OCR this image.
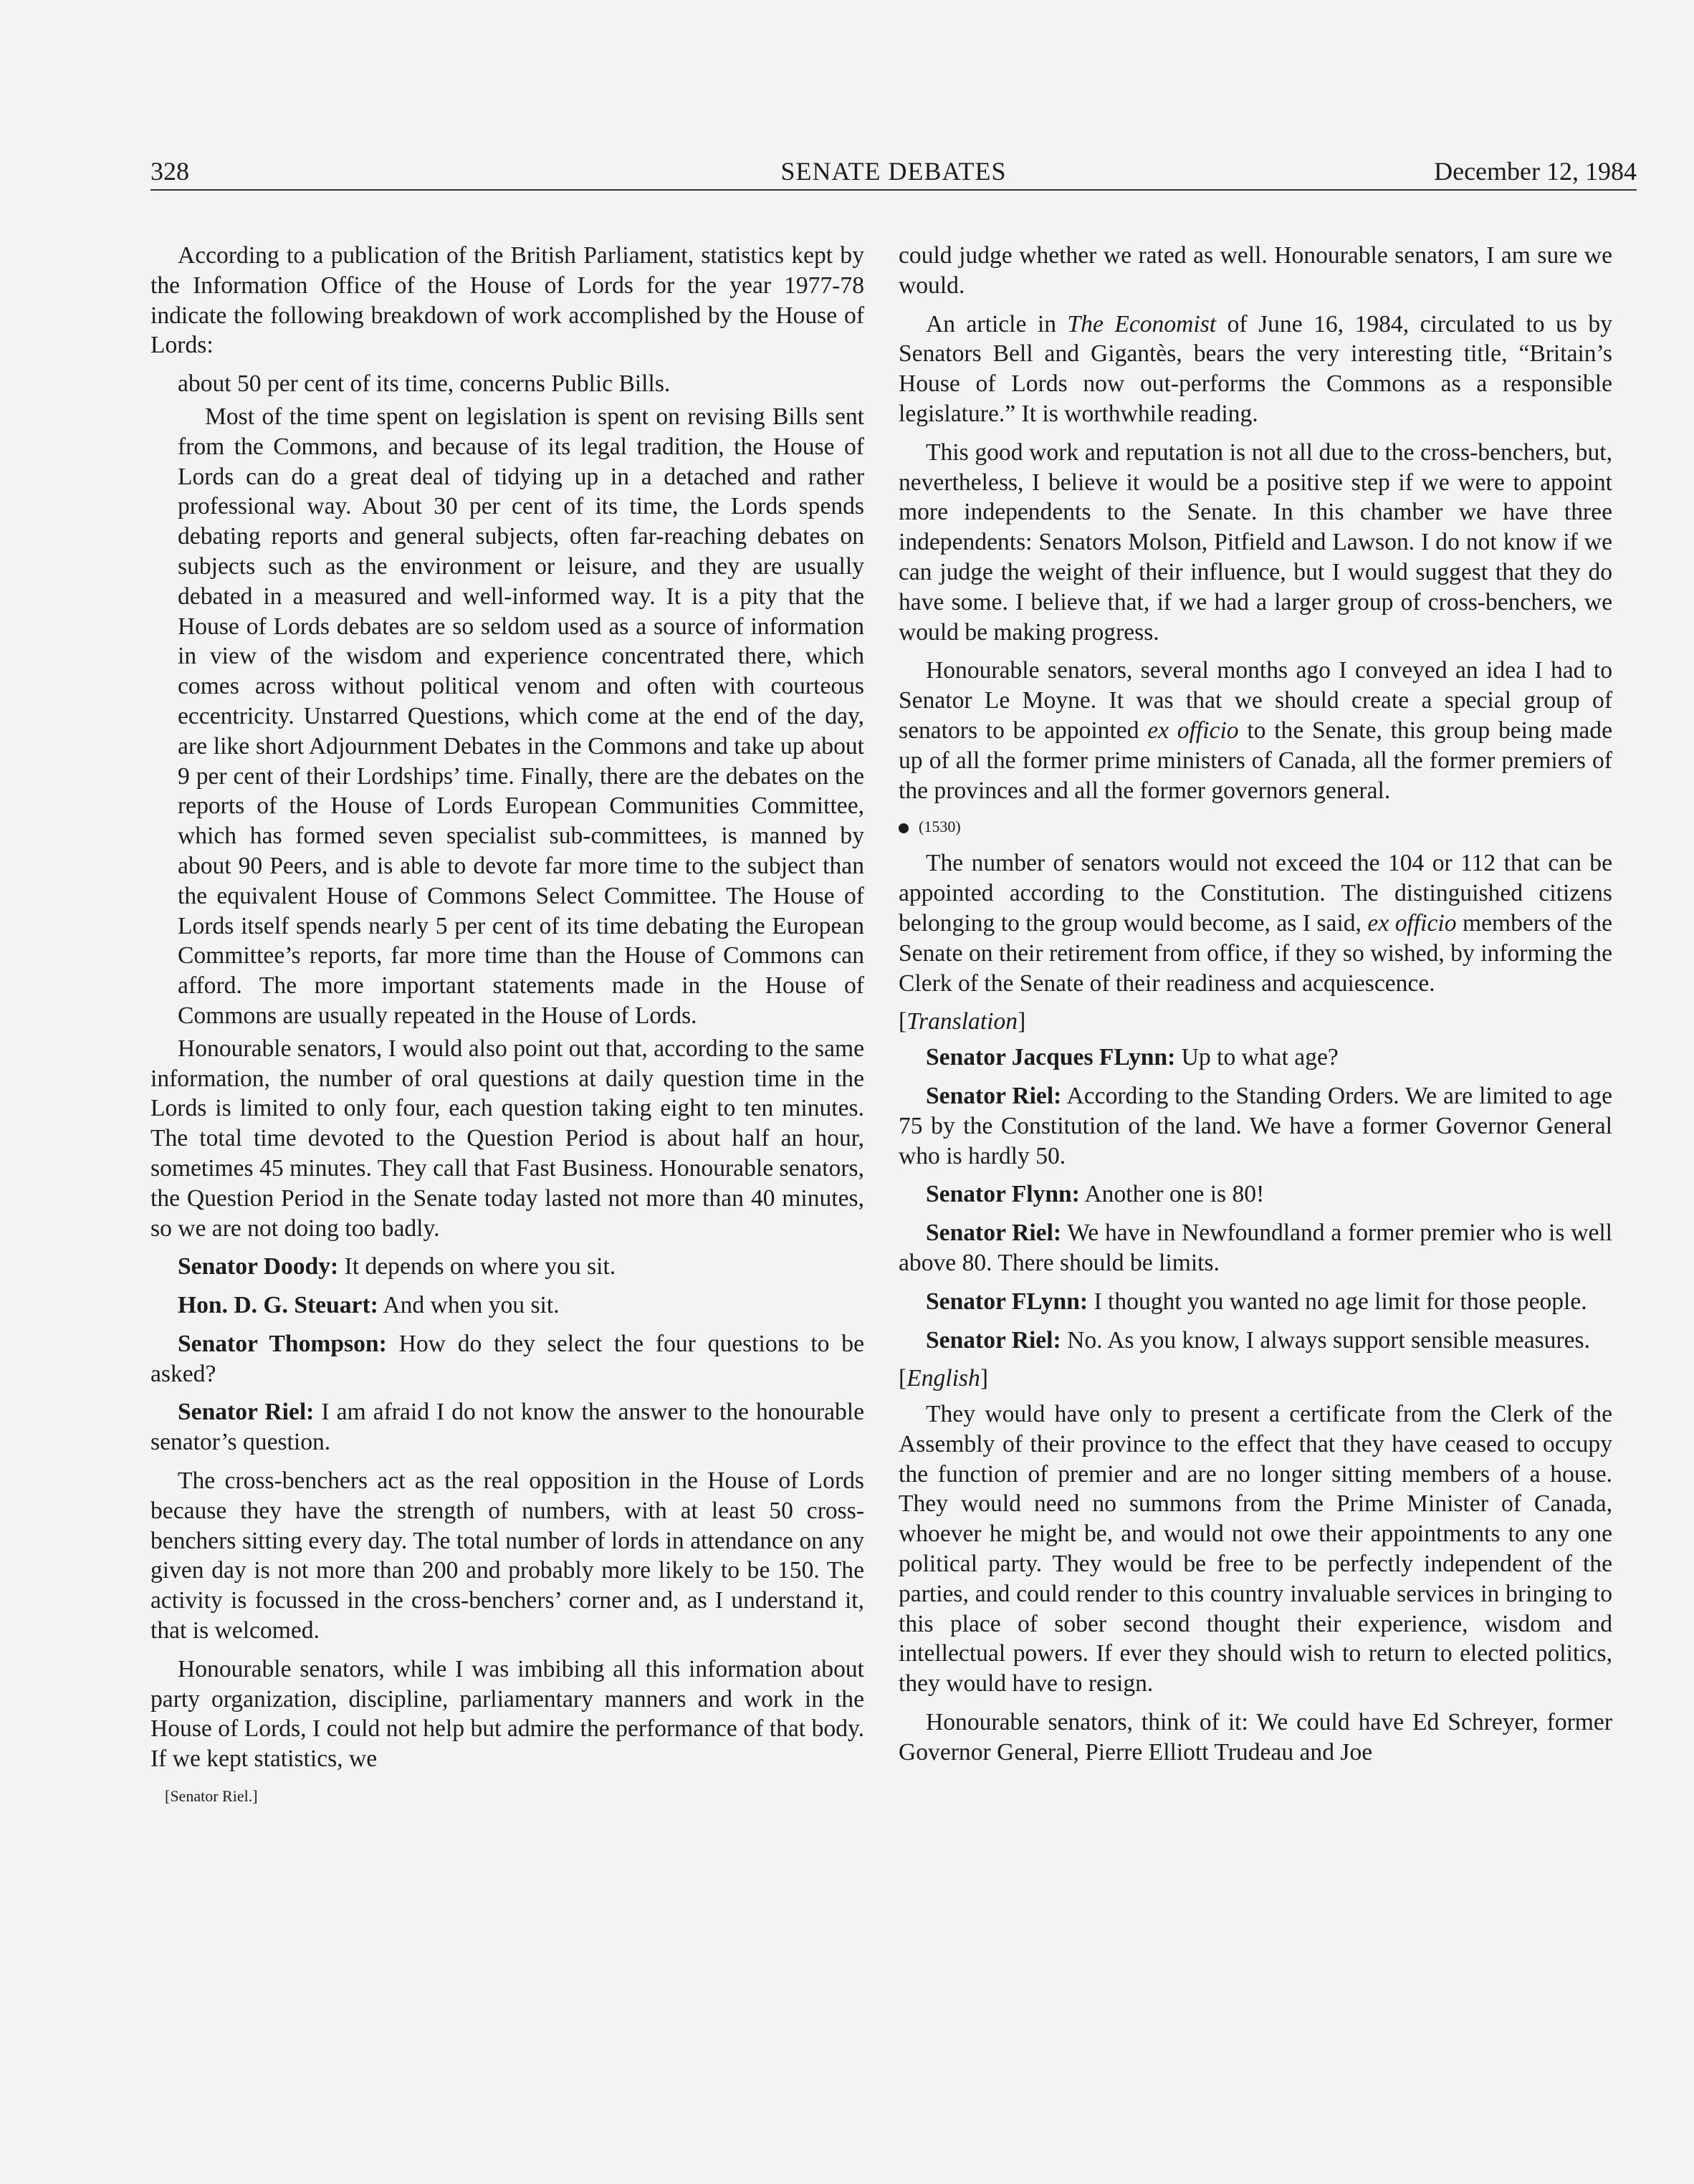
328	SENATE DEBATES	December 12, 1984

According to a publication of the British Parliament, statistics kept by the Information Office of the House of Lords for the year 1977-78 indicate the following breakdown of work accomplished by the House of Lords:

about 50 per cent of its time, concerns Public Bills.

Most of the time spent on legislation is spent on revising Bills sent from the Commons, and because of its legal tradition, the House of Lords can do a great deal of tidying up in a detached and rather professional way. About 30 per cent of its time, the Lords spends debating reports and general subjects, often far-reaching debates on subjects such as the environment or leisure, and they are usually debated in a measured and well-informed way. It is a pity that the House of Lords debates are so seldom used as a source of information in view of the wisdom and experience concentrated there, which comes across without political venom and often with courteous eccentricity. Unstarred Questions, which come at the end of the day, are like short Adjournment Debates in the Commons and take up about 9 per cent of their Lordships’ time. Finally, there are the debates on the reports of the House of Lords European Communities Committee, which has formed seven specialist sub-committees, is manned by about 90 Peers, and is able to devote far more time to the subject than the equivalent House of Commons Select Committee. The House of Lords itself spends nearly 5 per cent of its time debating the European Committee’s reports, far more time than the House of Commons can afford. The more important statements made in the House of Commons are usually repeated in the House of Lords.

Honourable senators, I would also point out that, according to the same information, the number of oral questions at daily question time in the Lords is limited to only four, each question taking eight to ten minutes. The total time devoted to the Question Period is about half an hour, sometimes 45 minutes. They call that Fast Business. Honourable senators, the Question Period in the Senate today lasted not more than 40 minutes, so we are not doing too badly.

Senator Doody: It depends on where you sit.

Hon. D. G. Steuart: And when you sit.

Senator Thompson: How do they select the four questions to be asked?

Senator Riel: I am afraid I do not know the answer to the honourable senator’s question.

The cross-benchers act as the real opposition in the House of Lords because they have the strength of numbers, with at least 50 cross-benchers sitting every day. The total number of lords in attendance on any given day is not more than 200 and probably more likely to be 150. The activity is focussed in the cross-benchers’ corner and, as I understand it, that is welcomed.

Honourable senators, while I was imbibing all this information about party organization, discipline, parliamentary manners and work in the House of Lords, I could not help but admire the performance of that body. If we kept statistics, we

[Senator Riel.]

could judge whether we rated as well. Honourable senators, I am sure we would.

An article in The Economist of June 16, 1984, circulated to us by Senators Bell and Gigantès, bears the very interesting title, “Britain’s House of Lords now out-performs the Commons as a responsible legislature.” It is worthwhile reading.

This good work and reputation is not all due to the cross-benchers, but, nevertheless, I believe it would be a positive step if we were to appoint more independents to the Senate. In this chamber we have three independents: Senators Molson, Pitfield and Lawson. I do not know if we can judge the weight of their influence, but I would suggest that they do have some. I believe that, if we had a larger group of cross-benchers, we would be making progress.

Honourable senators, several months ago I conveyed an idea I had to Senator Le Moyne. It was that we should create a special group of senators to be appointed ex officio to the Senate, this group being made up of all the former prime ministers of Canada, all the former premiers of the provinces and all the former governors general.

(1530)

The number of senators would not exceed the 104 or 112 that can be appointed according to the Constitution. The distinguished citizens belonging to the group would become, as I said, ex officio members of the Senate on their retirement from office, if they so wished, by informing the Clerk of the Senate of their readiness and acquiescence.

[Translation]

Senator Jacques FLynn: Up to what age?

Senator Riel: According to the Standing Orders. We are limited to age 75 by the Constitution of the land. We have a former Governor General who is hardly 50.

Senator Flynn: Another one is 80!

Senator Riel: We have in Newfoundland a former premier who is well above 80. There should be limits.

Senator FLynn: I thought you wanted no age limit for those people.

Senator Riel: No. As you know, I always support sensible measures.

[English]

They would have only to present a certificate from the Clerk of the Assembly of their province to the effect that they have ceased to occupy the function of premier and are no longer sitting members of a house. They would need no summons from the Prime Minister of Canada, whoever he might be, and would not owe their appointments to any one political party. They would be free to be perfectly independent of the parties, and could render to this country invaluable services in bringing to this place of sober second thought their experience, wisdom and intellectual powers. If ever they should wish to return to elected politics, they would have to resign.

Honourable senators, think of it: We could have Ed Schreyer, former Governor General, Pierre Elliott Trudeau and Joe
